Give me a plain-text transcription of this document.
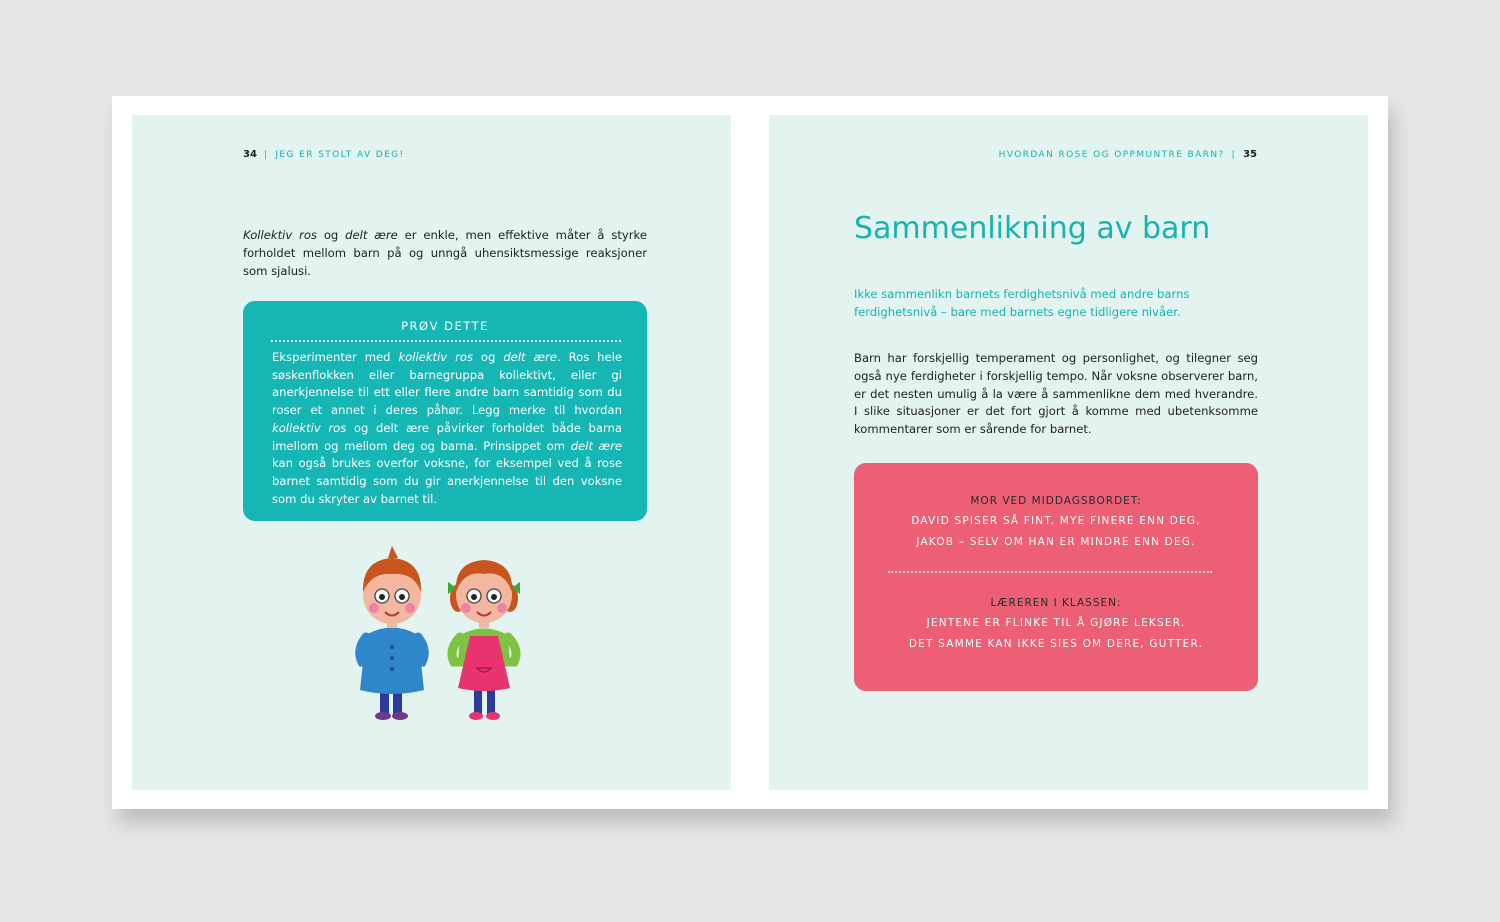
34 | JEG ER STOLT AV DEG!
Kollektiv ros og delt ære er enkle, men effektive måter å styrke forholdet mellom barn på og unngå uhensiktsmessige reaksjoner som sjalusi.
PRØV DETTE
Eksperimenter med kollektiv ros og delt ære. Ros hele søskenflokken eller barnegruppa kollektivt, eller gi anerkjennelse til ett eller flere andre barn samtidig som du roser et annet i deres påhør. Legg merke til hvordan kollektiv ros og delt ære påvirker forholdet både barna imellom og mellom deg og barna. Prinsippet om delt ære kan også brukes overfor voksne, for eksempel ved å rose barnet samtidig som du gir anerkjennelse til den voksne som du skryter av barnet til.
HVORDAN ROSE OG OPPMUNTRE BARN? | 35
Sammenlikning av barn
Ikke sammenlikn barnets ferdighetsnivå med andre barns ferdighetsnivå – bare med barnets egne tidligere nivåer.
Barn har forskjellig temperament og personlighet, og tilegner seg også nye ferdigheter i forskjellig tempo. Når voksne observerer barn, er det nesten umulig å la være å sammenlikne dem med hverandre. I slike situasjoner er det fort gjort å komme med ubetenksomme kommentarer som er sårende for barnet.
MOR VED MIDDAGSBORDET:
DAVID SPISER SÅ FINT. MYE FINERE ENN DEG,
JAKOB – SELV OM HAN ER MINDRE ENN DEG.
LÆREREN I KLASSEN:
JENTENE ER FLINKE TIL Å GJØRE LEKSER.
DET SAMME KAN IKKE SIES OM DERE, GUTTER.
